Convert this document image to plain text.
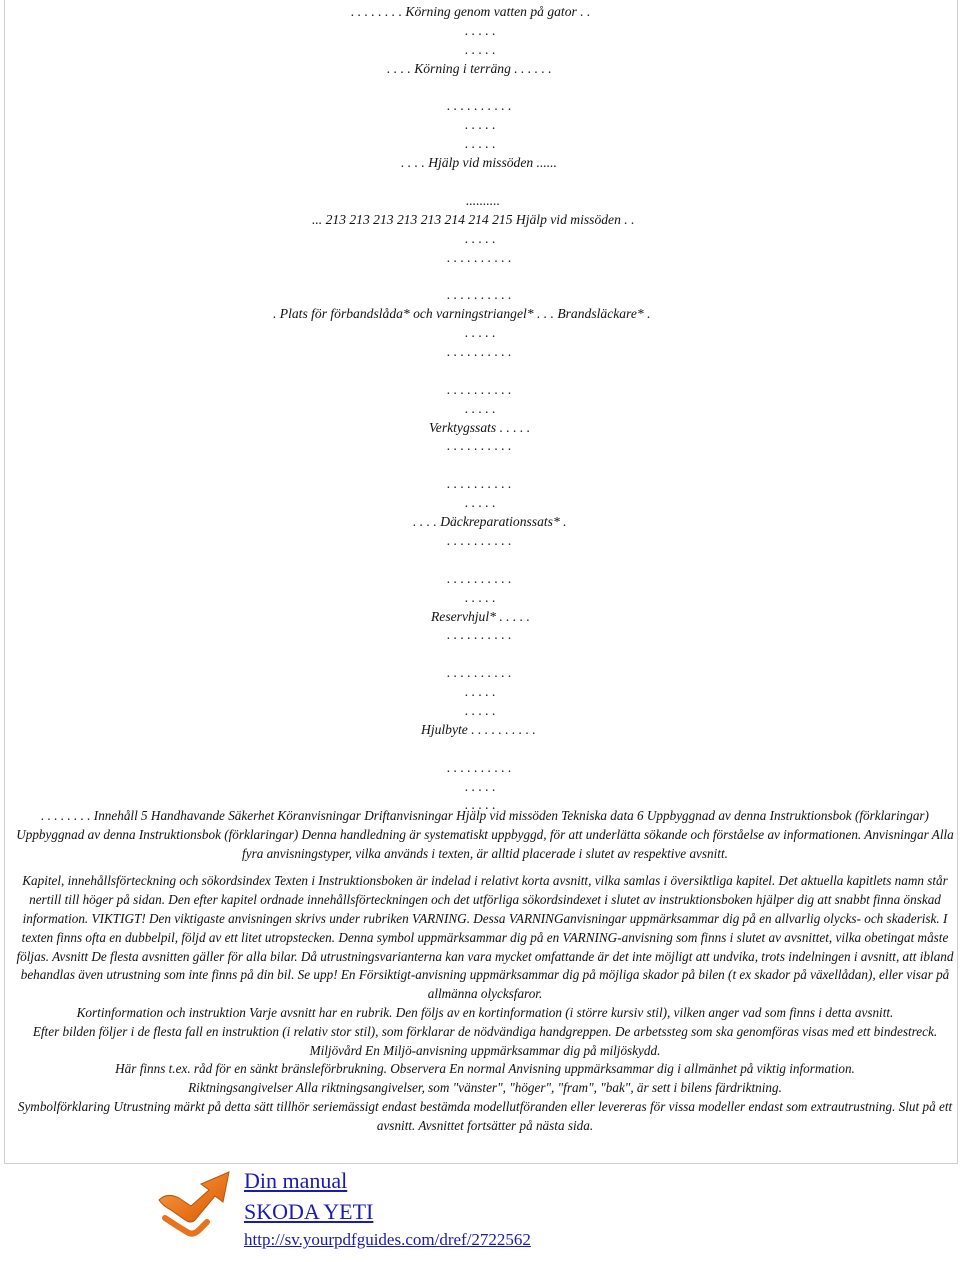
. . . . . . . . Körning genom vatten på gator . .
. . . . .
. . . . .
. . . . Körning i terräng . . . . . .
. . . . . . . . . .
. . . . .
. . . . .
. . . . Hjälp vid missöden ......
..........
... 213 213 213 213 213 214 214 215 Hjälp vid missöden . .
. . . . .
. . . . . . . . . .
. . . . . . . . . .
. Plats för förbandslåda* och varningstriangel* . . . Brandsläckare* .
. . . . .
. . . . . . . . . .
. . . . . . . . . .
. . . . .
Verktygssats . . . . .
. . . . . . . . . .
. . . . . . . . . .
. . . . .
. . . . Däckreparationssats* .
. . . . . . . . . .
. . . . . . . . . .
. . . . .
Reservhjul* . . . . .
. . . . . . . . . .
. . . . . . . . . .
. . . . .
. . . . .
Hjulbyte . . . . . . . . . .
. . . . . . . . . .
. . . . .
. . . . .

. . . . . . . . Innehåll 5 Handhavande Säkerhet Köranvisningar Driftanvisningar Hjälp vid missöden Tekniska data 6 Uppbyggnad av denna Instruktionsbok (förklaringar) Uppbyggnad av denna Instruktionsbok (förklaringar) Denna handledning är systematiskt uppbyggd, för att underlätta sökande och förståelse av informationen. Anvisningar Alla fyra anvisningstyper, vilka används i texten, är alltid placerade i slutet av respektive avsnitt.

Kapitel, innehållsförteckning och sökordsindex Texten i Instruktionsboken är indelad i relativt korta avsnitt, vilka samlas i översiktliga kapitel. Det aktuella kapitlets namn står nertill till höger på sidan. Den efter kapitel ordnade innehållsförteckningen och det utförliga sökordsindexet i slutet av instruktionsboken hjälper dig att snabbt finna önskad information. VIKTIGT! Den viktigaste anvisningen skrivs under rubriken VARNING. Dessa VARNINGanvisningar uppmärksammar dig på en allvarlig olycks- och skaderisk. I texten finns ofta en dubbelpil, följd av ett litet utropstecken. Denna symbol uppmärksammar dig på en VARNING-anvisning som finns i slutet av avsnittet, vilka obetingat måste följas. Avsnitt De flesta avsnitten gäller för alla bilar. Då utrustningsvarianterna kan vara mycket omfattande är det inte möjligt att undvika, trots indelningen i avsnitt, att ibland behandlas även utrustning som inte finns på din bil. Se upp! En Försiktigt-anvisning uppmärksammar dig på möjliga skador på bilen (t ex skador på växellådan), eller visar på allmänna olycksfaror.

Kortinformation och instruktion Varje avsnitt har en rubrik. Den följs av en kortinformation (i större kursiv stil), vilken anger vad som finns i detta avsnitt.

Efter bilden följer i de flesta fall en instruktion (i relativ stor stil), som förklarar de nödvändiga handgreppen. De arbetssteg som ska genomföras visas med ett bindestreck. Miljövård En Miljö-anvisning uppmärksammar dig på miljöskydd.

Här finns t.ex. råd för en sänkt bränsleförbrukning. Observera En normal Anvisning uppmärksammar dig i allmänhet på viktig information.

Riktningsangivelser Alla riktningsangivelser, som "vänster", "höger", "fram", "bak", är sett i bilens färdriktning.

Symbolförklaring Utrustning märkt på detta sätt tillhör seriemässigt endast bestämda modellutföranden eller levereras för vissa modeller endast som extrautrustning. Slut på ett avsnitt. Avsnittet fortsätter på nästa sida.

Din manual
SKODA YETI
http://sv.yourpdfguides.com/dref/2722562
